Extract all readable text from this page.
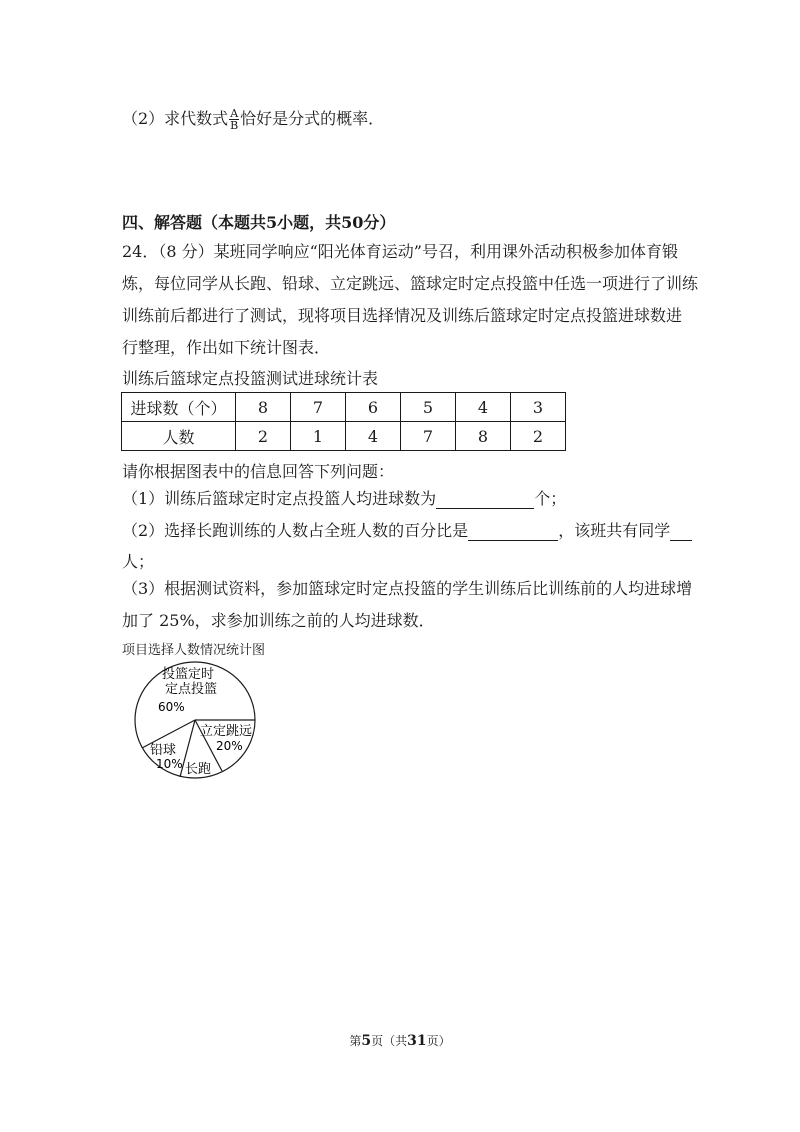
（2）求代数式 $\frac{A}{B}$ 恰好是分式的概率．
四、解答题（本题共5小题，共50分）
24．（8 分）某班同学响应“阳光体育运动”号召，利用课外活动积极参加体育锻
炼，每位同学从长跑、铅球、立定跳远、篮球定时定点投篮中任选一项进行了训练
训练前后都进行了测试，现将项目选择情况及训练后篮球定时定点投篮进球数进
行整理，作出如下统计图表．
训练后篮球定点投篮测试进球统计表
进球数（个）	8	7	6	5	4	3
人数	2	1	4	7	8	2
请你根据图表中的信息回答下列问题：
（1）训练后篮球定时定点投篮人均进球数为	个；
（2）选择长跑训练的人数占全班人数的百分比是	，该班共有同学
人；
（3）根据测试资料，参加篮球定时定点投篮的学生训练后比训练前的人均进球增
加了 25%，求参加训练之前的人均进球数．
项目选择人数情况统计图
投篮定时
定点投篮
60%
立定跳远
20%
长跑
铅球
10%
第5页（共31页）
